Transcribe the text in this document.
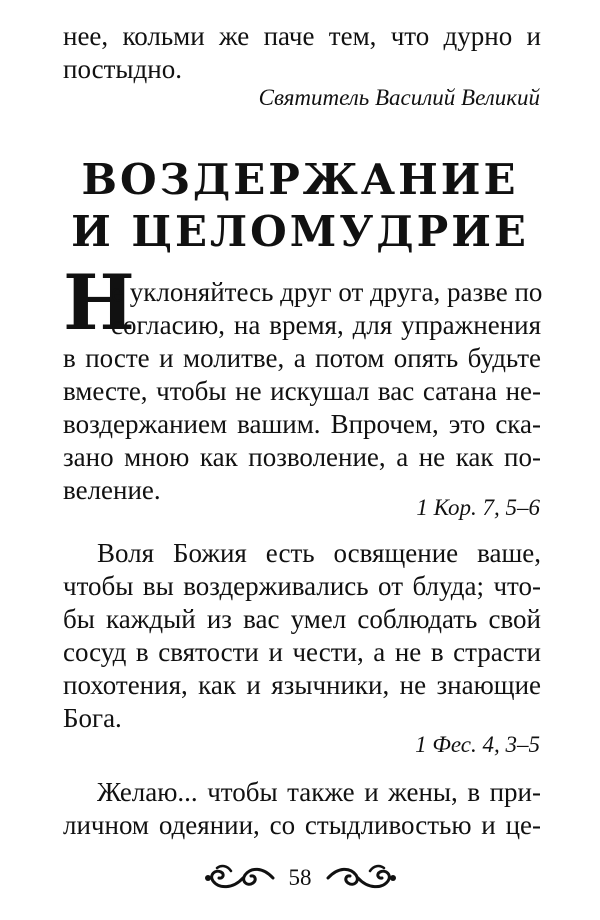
нее, кольми же паче тем, что дурно и
постыдно.
Святитель Василий Великий
ВОЗДЕРЖАНИЕ
И ЦЕЛОМУДРИЕ
Н
е уклоняйтесь друг от друга, разве по
согласию, на время, для упражнения
в посте и молитве, а потом опять будьте
вместе, чтобы не искушал вас сатана не-
воздержанием вашим. Впрочем, это ска-
зано мною как позволение, а не как по-
веление.
1 Кор. 7, 5–6
Воля Божия есть освящение ваше,
чтобы вы воздерживались от блуда; что-
бы каждый из вас умел соблюдать свой
сосуд в святости и чести, а не в страсти
похотения, как и язычники, не знающие
Бога.
1 Фес. 4, 3–5
Желаю... чтобы также и жены, в при-
личном одеянии, со стыдливостью и це-
58
